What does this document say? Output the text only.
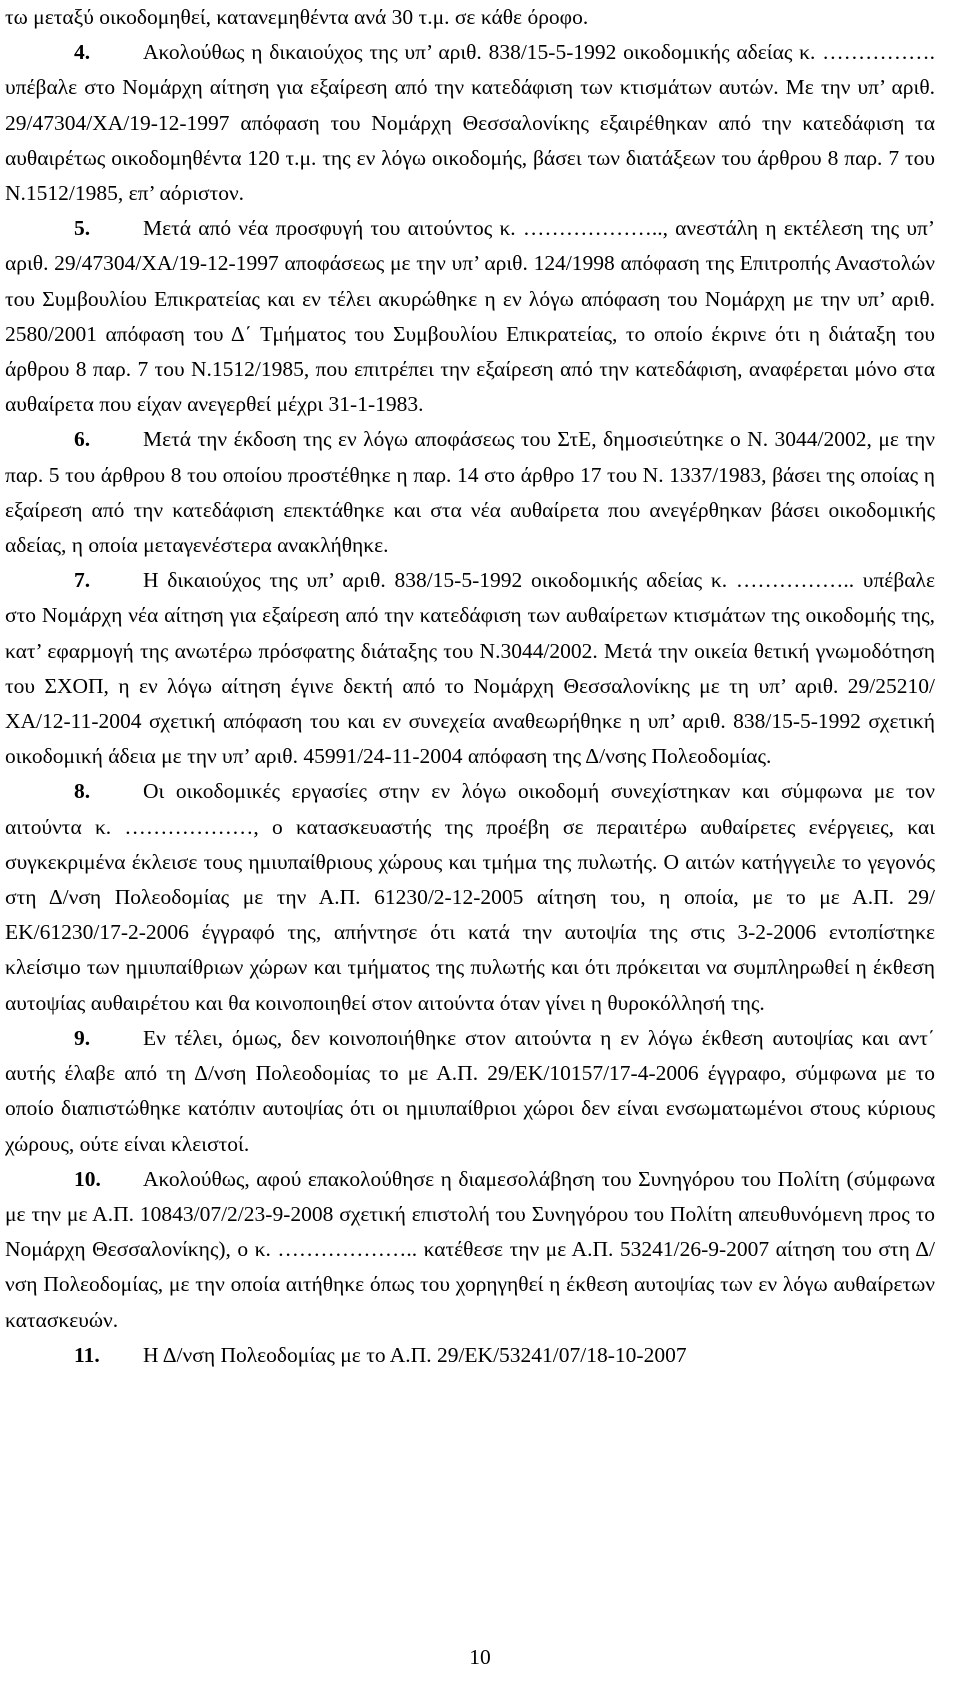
τω μεταξύ οικοδομηθεί, κατανεμηθέντα ανά 30 τ.μ. σε κάθε όροφο.

4. Ακολούθως η δικαιούχος της υπ’ αριθ. 838/15-5-1992 οικοδομικής αδείας κ. ……………. υπέβαλε στο Νομάρχη αίτηση για εξαίρεση από την κατεδάφιση των κτισμάτων αυτών. Με την υπ’ αριθ. 29/47304/ΧΑ/19-12-1997 απόφαση του Νομάρχη Θεσσαλονίκης εξαιρέθηκαν από την κατεδάφιση τα αυθαιρέτως οικοδομηθέντα 120 τ.μ. της εν λόγω οικοδομής, βάσει των διατάξεων του άρθρου 8 παρ. 7 του Ν.1512/1985, επ’ αόριστον.

5. Μετά από νέα προσφυγή του αιτούντος κ. ……………….., ανεστάλη η εκτέλεση της υπ’ αριθ. 29/47304/ΧΑ/19-12-1997 αποφάσεως με την υπ’ αριθ. 124/1998 απόφαση της Επιτροπής Αναστολών του Συμβουλίου Επικρατείας και εν τέλει ακυρώθηκε η εν λόγω απόφαση του Νομάρχη με την υπ’ αριθ. 2580/2001 απόφαση του Δ΄ Τμήματος του Συμβουλίου Επικρατείας, το οποίο έκρινε ότι η διάταξη του άρθρου 8 παρ. 7 του Ν.1512/1985, που επιτρέπει την εξαίρεση από την κατεδάφιση, αναφέρεται μόνο στα αυθαίρετα που είχαν ανεγερθεί μέχρι 31-1-1983.

6. Μετά την έκδοση της εν λόγω αποφάσεως του ΣτΕ, δημοσιεύτηκε ο Ν. 3044/2002, με την παρ. 5 του άρθρου 8 του οποίου προστέθηκε η παρ. 14 στο άρθρο 17 του Ν. 1337/1983, βάσει της οποίας η εξαίρεση από την κατεδάφιση επεκτάθηκε και στα νέα αυθαίρετα που ανεγέρθηκαν βάσει οικοδομικής αδείας, η οποία μεταγενέστερα ανακλήθηκε.

7. Η δικαιούχος της υπ’ αριθ. 838/15-5-1992 οικοδομικής αδείας κ. …………….. υπέβαλε στο Νομάρχη νέα αίτηση για εξαίρεση από την κατεδάφιση των αυθαίρετων κτισμάτων της οικοδομής της, κατ’ εφαρμογή της ανωτέρω πρόσφατης διάταξης του Ν.3044/2002. Μετά την οικεία θετική γνωμοδότηση του ΣΧΟΠ, η εν λόγω αίτηση έγινε δεκτή από το Νομάρχη Θεσσαλονίκης με τη υπ’ αριθ. 29/25210/ΧΑ/12-11-2004 σχετική απόφαση του και εν συνεχεία αναθεωρήθηκε η υπ’ αριθ. 838/15-5-1992 σχετική οικοδομική άδεια με την υπ’ αριθ. 45991/24-11-2004 απόφαση της Δ/νσης Πολεοδομίας.

8. Οι οικοδομικές εργασίες στην εν λόγω οικοδομή συνεχίστηκαν και σύμφωνα με τον αιτούντα κ. ………………, ο κατασκευαστής της προέβη σε περαιτέρω αυθαίρετες ενέργειες, και συγκεκριμένα έκλεισε τους ημιυπαίθριους χώρους και τμήμα της πυλωτής. Ο αιτών κατήγγειλε το γεγονός στη Δ/νση Πολεοδομίας με την Α.Π. 61230/2-12-2005 αίτηση του, η οποία, με το με Α.Π. 29/ΕΚ/61230/17-2-2006 έγγραφό της, απήντησε ότι κατά την αυτοψία της στις 3-2-2006 εντοπίστηκε κλείσιμο των ημιυπαίθριων χώρων και τμήματος της πυλωτής και ότι πρόκειται να συμπληρωθεί η έκθεση αυτοψίας αυθαιρέτου και θα κοινοποιηθεί στον αιτούντα όταν γίνει η θυροκόλλησή της.

9. Εν τέλει, όμως, δεν κοινοποιήθηκε στον αιτούντα η εν λόγω έκθεση αυτοψίας και αντ΄ αυτής έλαβε από τη Δ/νση Πολεοδομίας το με Α.Π. 29/ΕΚ/10157/17-4-2006 έγγραφο, σύμφωνα με το οποίο διαπιστώθηκε κατόπιν αυτοψίας ότι οι ημιυπαίθριοι χώροι δεν είναι ενσωματωμένοι στους κύριους χώρους, ούτε είναι κλειστοί.

10. Ακολούθως, αφού επακολούθησε η διαμεσολάβηση του Συνηγόρου του Πολίτη (σύμφωνα με την με Α.Π. 10843/07/2/23-9-2008 σχετική επιστολή του Συνηγόρου του Πολίτη απευθυνόμενη προς το Νομάρχη Θεσσαλονίκης), ο κ. ……………….. κατέθεσε την με Α.Π. 53241/26-9-2007 αίτηση του στη Δ/νση Πολεοδομίας, με την οποία αιτήθηκε όπως του χορηγηθεί η έκθεση αυτοψίας των εν λόγω αυθαίρετων κατασκευών.

11. Η Δ/νση Πολεοδομίας με το Α.Π. 29/ΕΚ/53241/07/18-10-2007

10
